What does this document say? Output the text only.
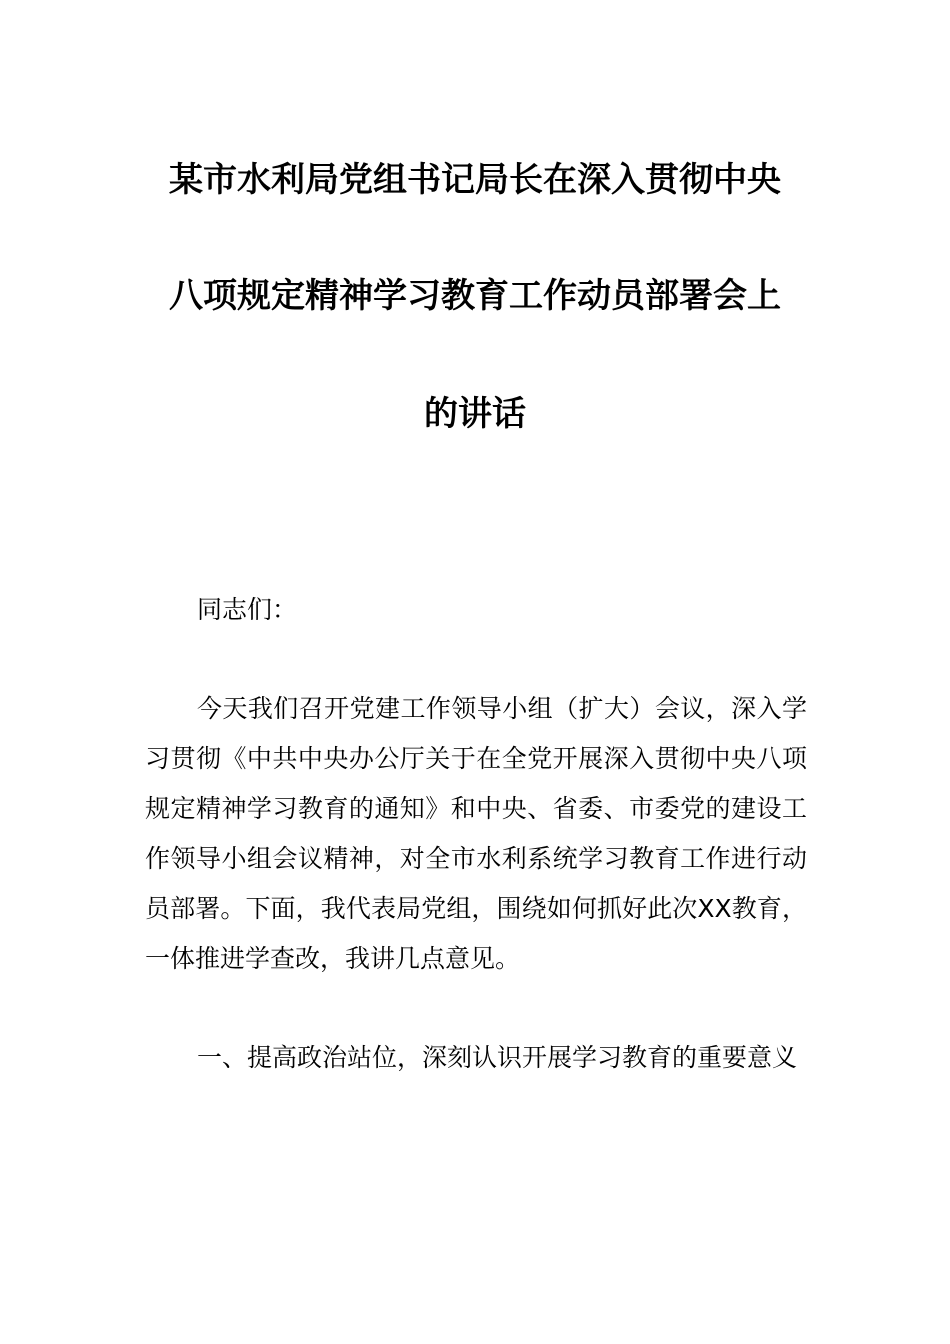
某市水利局党组书记局长在深入贯彻中央
八项规定精神学习教育工作动员部署会上
的讲话
同志们：
今天我们召开党建工作领导小组（扩大）会议，深入学习贯彻《中共中央办公厅关于在全党开展深入贯彻中央八项规定精神学习教育的通知》和中央、省委、市委党的建设工作领导小组会议精神，对全市水利系统学习教育工作进行动员部署。下面，我代表局党组，围绕如何抓好此次XX教育，一体推进学查改，我讲几点意见。
一、提高政治站位，深刻认识开展学习教育的重要意义
